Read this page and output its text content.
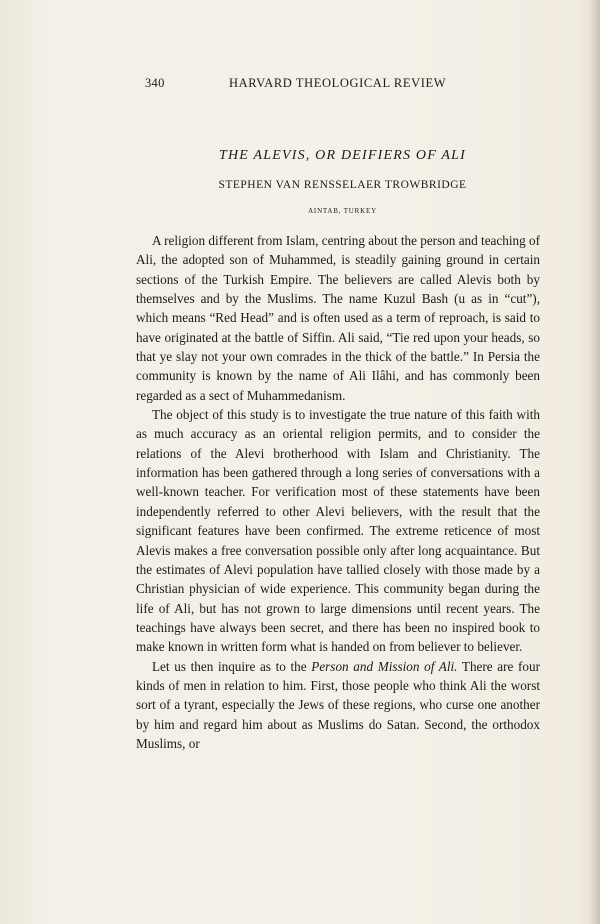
340	HARVARD THEOLOGICAL REVIEW
THE ALEVIS, OR DEIFIERS OF ALI
STEPHEN VAN RENSSELAER TROWBRIDGE
AINTAB, TURKEY

A religion different from Islam, centring about the person and teaching of Ali, the adopted son of Muhammed, is steadily gaining ground in certain sections of the Turkish Empire. The believers are called Alevis both by themselves and by the Muslims. The name Kuzul Bash (u as in “cut”), which means “Red Head” and is often used as a term of reproach, is said to have originated at the battle of Siffin. Ali said, “Tie red upon your heads, so that ye slay not your own comrades in the thick of the battle.” In Persia the community is known by the name of Ali Ilâhi, and has commonly been regarded as a sect of Muhammedanism.

The object of this study is to investigate the true nature of this faith with as much accuracy as an oriental religion permits, and to consider the relations of the Alevi brotherhood with Islam and Christianity. The information has been gathered through a long series of conversations with a well-known teacher. For verification most of these statements have been independently referred to other Alevi believers, with the result that the significant features have been confirmed. The extreme reticence of most Alevis makes a free conversation possible only after long acquaintance. But the estimates of Alevi population have tallied closely with those made by a Christian physician of wide experience. This community began during the life of Ali, but has not grown to large dimensions until recent years. The teachings have always been secret, and there has been no inspired book to make known in written form what is handed on from believer to believer.

Let us then inquire as to the Person and Mission of Ali. There are four kinds of men in relation to him. First, those people who think Ali the worst sort of a tyrant, especially the Jews of these regions, who curse one another by him and regard him about as Muslims do Satan. Second, the orthodox Muslims, or
